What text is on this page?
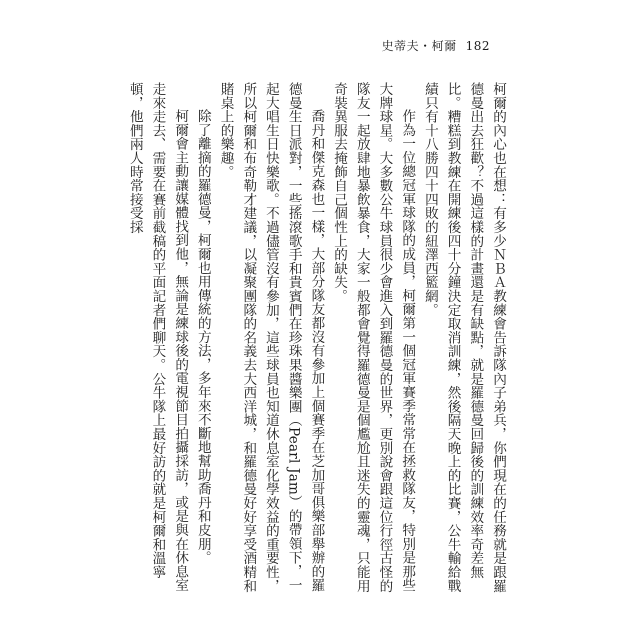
史蒂夫・柯爾 182

柯爾的內心也在想：有多少ＮＢＡ教練會告訴隊內子弟兵，你們現在的任務就是跟羅德曼出去狂歡？不過這樣的計畫還是有缺點，就是羅德曼回歸後的訓練效率奇差無比。糟糕到教練在開練後四十分鐘決定取消訓練，然後隔天晚上的比賽，公牛輸給戰績只有十八勝四十四敗的紐澤西籃網。

作為一位總冠軍球隊的成員，柯爾第一個冠軍賽季常常在拯救隊友，特別是那些大牌球星。大多數公牛球員很少會進入到羅德曼的世界，更別說會跟這位行徑古怪的隊友一起放肆地暴飲暴食，大家一般都會覺得羅德曼是個尷尬且迷失的靈魂，只能用奇裝異服去掩飾自己個性上的缺失。

喬丹和傑克森也一樣，大部分隊友都沒有參加上個賽季在芝加哥俱樂部舉辦的羅德曼生日派對，一些搖滾歌手和貴賓們在珍珠果醬樂團（Pearl Jam）的帶領下，一起大唱生日快樂歌。不過儘管沒有參加，這些球員也知道休息室化學效益的重要性，所以柯爾和布奇勒才建議，以凝聚團隊的名義去大西洋城，和羅德曼好好享受酒精和賭桌上的樂趣。

除了離摘的羅德曼，柯爾也用傳統的方法，多年來不斷地幫助喬丹和皮朋。

柯爾會主動讓媒體找到他，無論是練球後的電視節目拍攝採訪，或是與在休息室走來走去、需要在賽前截稿的平面記者們聊天。公牛隊上最好訪的就是柯爾和溫寧頓，他們兩人時常接受採
